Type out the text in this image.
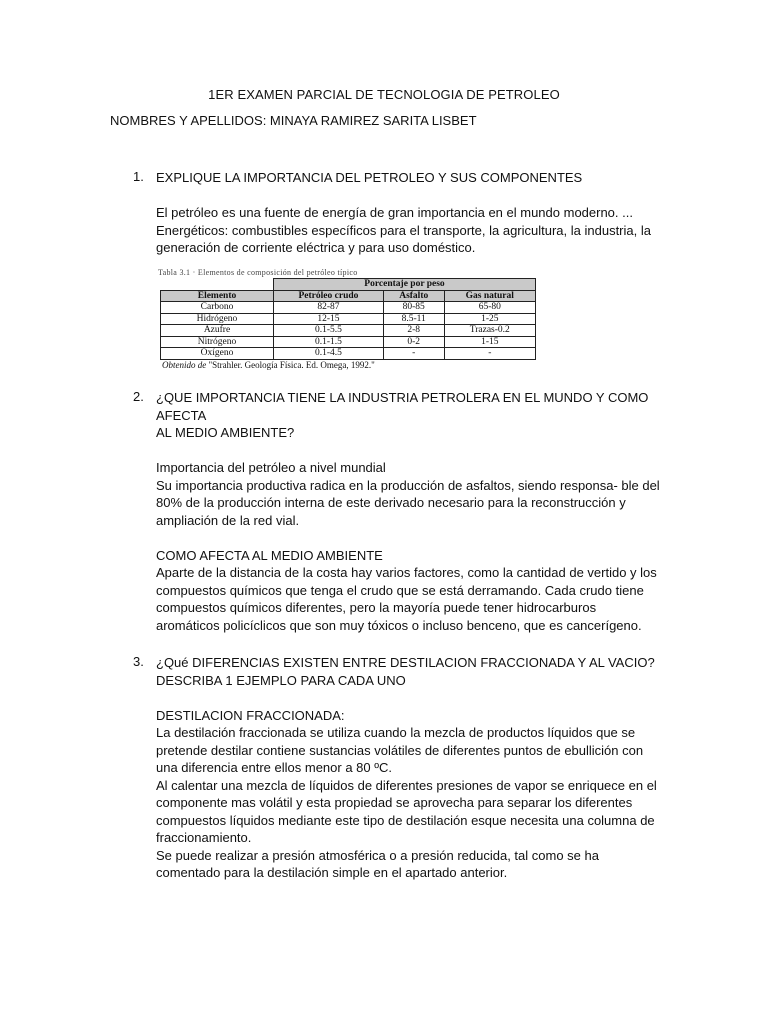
1ER EXAMEN PARCIAL DE TECNOLOGIA DE PETROLEO
NOMBRES Y APELLIDOS: MINAYA RAMIREZ SARITA LISBET
1. EXPLIQUE LA IMPORTANCIA DEL PETROLEO Y SUS COMPONENTES

El petróleo es una fuente de energía de gran importancia en el mundo moderno. ...

Energéticos: combustibles específicos para el transporte, la agricultura, la industria, la

generación de corriente eléctrica y para uso doméstico.

Tabla 3.1 · Elementos de composición del petróleo típico
	Porcentaje por peso		
Elemento	Petróleo crudo	Asfalto	Gas natural
Carbono	82-87	80-85	65-80
Hidrógeno	12-15	8.5-11	1-25
Azufre	0.1-5.5	2-8	Trazas-0.2
Nitrógeno	0.1-1.5	0-2	1-15
Oxígeno	0.1-4.5	-	-
Obtenido de "Strahler. Geología Física. Ed. Omega, 1992."
2. ¿QUE IMPORTANCIA TIENE LA INDUSTRIA PETROLERA EN EL MUNDO Y COMO AFECTA

AL MEDIO AMBIENTE?

Importancia del petróleo a nivel mundial

Su importancia productiva radica en la producción de asfaltos, siendo responsa- ble del

80% de la producción interna de este derivado necesario para la reconstrucción y

ampliación de la red vial.

COMO AFECTA AL MEDIO AMBIENTE

Aparte de la distancia de la costa hay varios factores, como la cantidad de vertido y los

compuestos químicos que tenga el crudo que se está derramando. Cada crudo tiene

compuestos químicos diferentes, pero la mayoría puede tener hidrocarburos

aromáticos policíclicos que son muy tóxicos o incluso benceno, que es cancerígeno.

3. ¿Qué DIFERENCIAS EXISTEN ENTRE DESTILACION FRACCIONADA Y AL VACIO?

DESCRIBA 1 EJEMPLO PARA CADA UNO

DESTILACION FRACCIONADA:

La destilación fraccionada se utiliza cuando la mezcla de productos líquidos que se

pretende destilar contiene sustancias volátiles de diferentes puntos de ebullición con

una diferencia entre ellos menor a 80 ºC.

Al calentar una mezcla de líquidos de diferentes presiones de vapor se enriquece en el

componente mas volátil y esta propiedad se aprovecha para separar los diferentes

compuestos líquidos mediante este tipo de destilación esque necesita una columna de

fraccionamiento.

Se puede realizar a presión atmosférica o a presión reducida, tal como se ha

comentado para la destilación simple en el apartado anterior.
